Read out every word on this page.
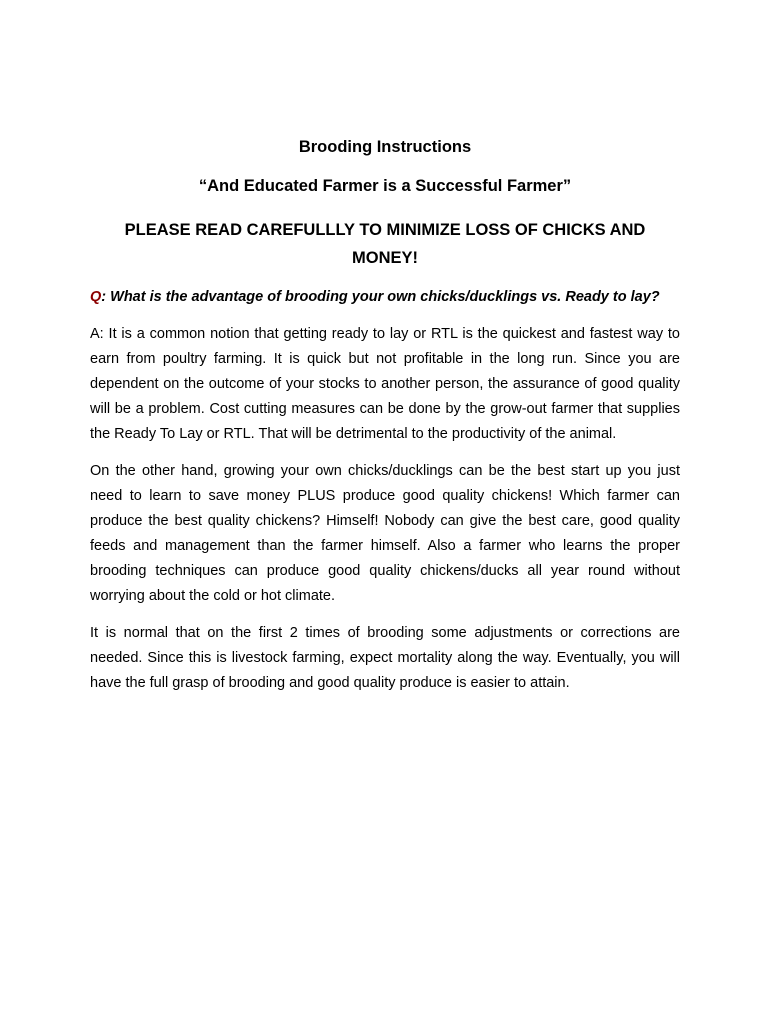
Brooding Instructions
“And Educated Farmer is a Successful Farmer”
PLEASE READ CAREFULLLY TO MINIMIZE LOSS OF CHICKS AND MONEY!

Q: What is the advantage of brooding your own chicks/ducklings vs. Ready to lay?

A: It is a common notion that getting ready to lay or RTL is the quickest and fastest way to earn from poultry farming. It is quick but not profitable in the long run. Since you are dependent on the outcome of your stocks to another person, the assurance of good quality will be a problem. Cost cutting measures can be done by the grow-out farmer that supplies the Ready To Lay or RTL. That will be detrimental to the productivity of the animal.

On the other hand, growing your own chicks/ducklings can be the best start up you just need to learn to save money PLUS produce good quality chickens! Which farmer can produce the best quality chickens? Himself! Nobody can give the best care, good quality feeds and management than the farmer himself. Also a farmer who learns the proper brooding techniques can produce good quality chickens/ducks all year round without worrying about the cold or hot climate.

It is normal that on the first 2 times of brooding some adjustments or corrections are needed. Since this is livestock farming, expect mortality along the way. Eventually, you will have the full grasp of brooding and good quality produce is easier to attain.
